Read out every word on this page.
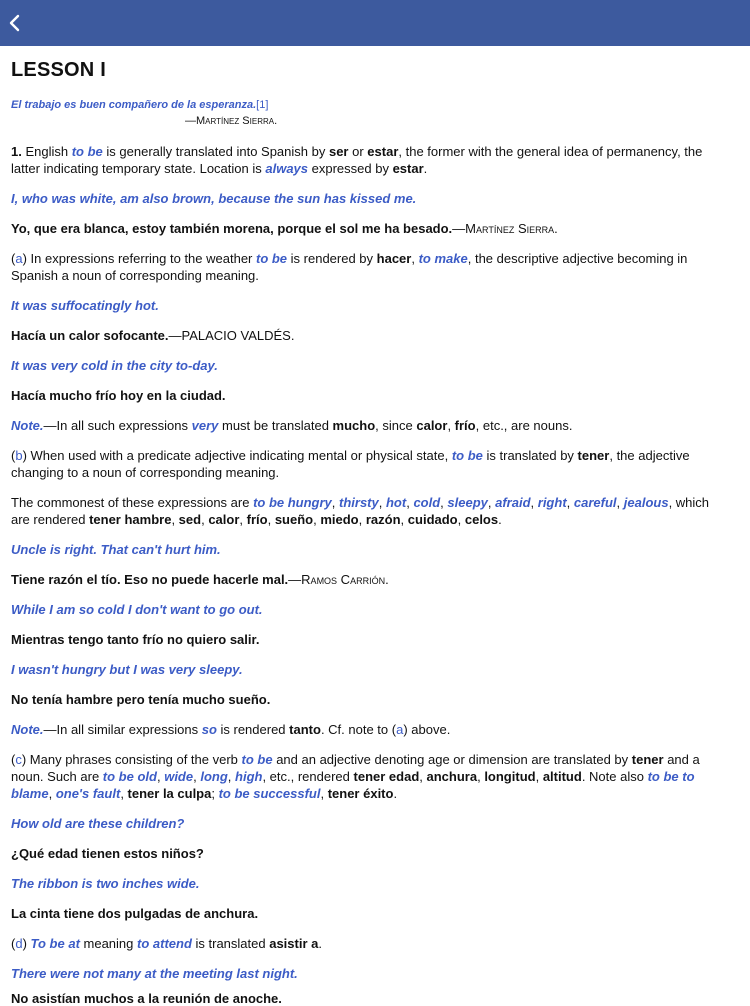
LESSON I
El trabajo es buen compañero de la esperanza.[1]
—Martínez Sierra.

1. English to be is generally translated into Spanish by ser or estar, the former with the general idea of permanency, the latter indicating temporary state. Location is always expressed by estar.

I, who was white, am also brown, because the sun has kissed me.

Yo, que era blanca, estoy también morena, porque el sol me ha besado.—Martínez Sierra.

(a) In expressions referring to the weather to be is rendered by hacer, to make, the descriptive adjective becoming in Spanish a noun of corresponding meaning.

It was suffocatingly hot.

Hacía un calor sofocante.—PALACIO VALDÉS.

It was very cold in the city to-day.

Hacía mucho frío hoy en la ciudad.

Note.—In all such expressions very must be translated mucho, since calor, frío, etc., are nouns.

(b) When used with a predicate adjective indicating mental or physical state, to be is translated by tener, the adjective changing to a noun of corresponding meaning.

The commonest of these expressions are to be hungry, thirsty, hot, cold, sleepy, afraid, right, careful, jealous, which are rendered tener hambre, sed, calor, frío, sueño, miedo, razón, cuidado, celos.

Uncle is right. That can't hurt him.

Tiene razón el tío. Eso no puede hacerle mal.—Ramos Carrión.

While I am so cold I don't want to go out.

Mientras tengo tanto frío no quiero salir.

I wasn't hungry but I was very sleepy.

No tenía hambre pero tenía mucho sueño.

Note.—In all similar expressions so is rendered tanto. Cf. note to (a) above.

(c) Many phrases consisting of the verb to be and an adjective denoting age or dimension are translated by tener and a noun. Such are to be old, wide, long, high, etc., rendered tener edad, anchura, longitud, altitud. Note also to be to blame, one's fault, tener la culpa; to be successful, tener éxito.

How old are these children?

¿Qué edad tienen estos niños?

The ribbon is two inches wide.

La cinta tiene dos pulgadas de anchura.

(d) To be at meaning to attend is translated asistir a.

There were not many at the meeting last night.

No asistían muchos a la reunión de anoche.
